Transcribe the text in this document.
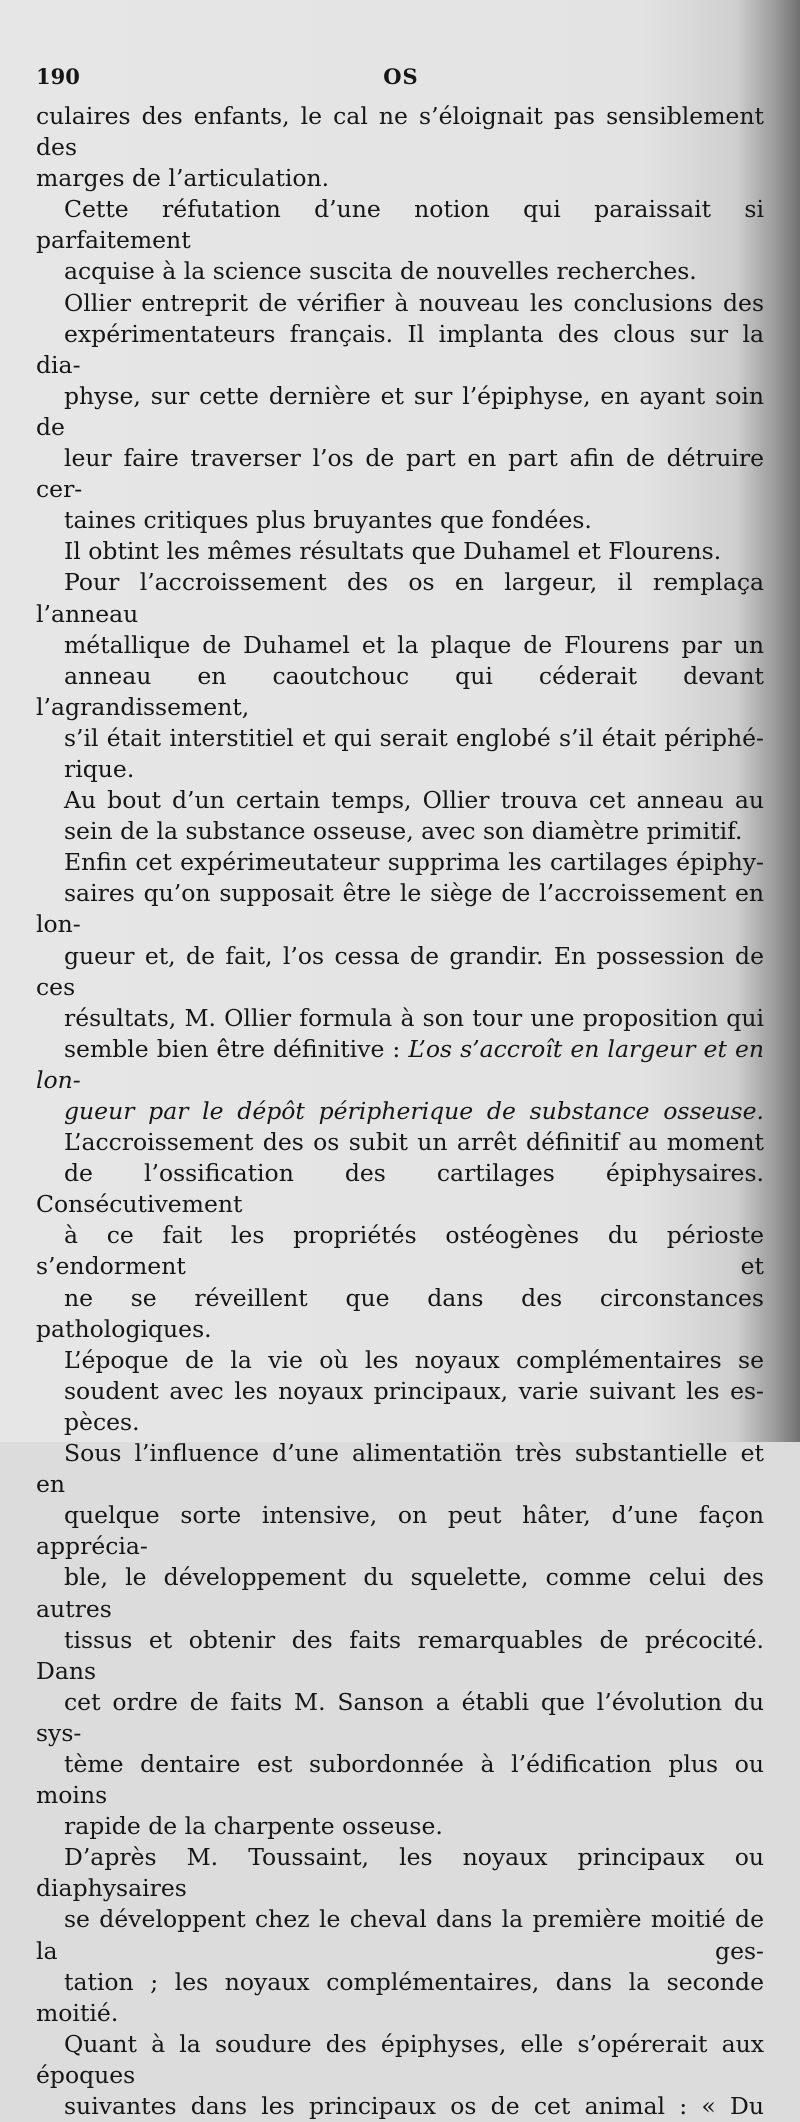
190	OS

culaires des enfants, le cal ne s’éloignait pas sensiblement des
marges de l’articulation.

Cette réfutation d’une notion qui paraissait si parfaitement
acquise à la science suscita de nouvelles recherches.

Ollier entreprit de vérifier à nouveau les conclusions des
expérimentateurs français. Il implanta des clous sur la dia-
physe, sur cette dernière et sur l’épiphyse, en ayant soin de
leur faire traverser l’os de part en part afin de détruire cer-
taines critiques plus bruyantes que fondées.

Il obtint les mêmes résultats que Duhamel et Flourens.

Pour l’accroissement des os en largeur, il remplaça l’anneau
métallique de Duhamel et la plaque de Flourens par un
anneau en caoutchouc qui céderait devant l’agrandissement,
s’il était interstitiel et qui serait englobé s’il était périphé-
rique.

Au bout d’un certain temps, Ollier trouva cet anneau au
sein de la substance osseuse, avec son diamètre primitif.

Enfin cet expérimeutateur supprima les cartilages épiphy-
saires qu’on supposait être le siège de l’accroissement en lon-
gueur et, de fait, l’os cessa de grandir. En possession de ces
résultats, M. Ollier formula à son tour une proposition qui
semble bien être définitive : L’os s’accroît en largeur et en lon-
gueur par le dépôt péripherique de substance osseuse.

L’accroissement des os subit un arrêt définitif au moment
de l’ossification des cartilages épiphysaires. Consécutivement
à ce fait les propriétés ostéogènes du périoste s’endorment et
ne se réveillent que dans des circonstances pathologiques.

L’époque de la vie où les noyaux complémentaires se
soudent avec les noyaux principaux, varie suivant les es-
pèces.

Sous l’influence d’une alimentatiön très substantielle et en
quelque sorte intensive, on peut hâter, d’une façon apprécia-
ble, le développement du squelette, comme celui des autres
tissus et obtenir des faits remarquables de précocité. Dans
cet ordre de faits M. Sanson a établi que l’évolution du sys-
tème dentaire est subordonnée à l’édification plus ou moins
rapide de la charpente osseuse.

D’après M. Toussaint, les noyaux principaux ou diaphysaires
se développent chez le cheval dans la première moitié de la ges-
tation ; les noyaux complémentaires, dans la seconde moitié.
Quant à la soudure des épiphyses, elle s’opérerait aux époques
suivantes dans les principaux os de cet animal : « Du
